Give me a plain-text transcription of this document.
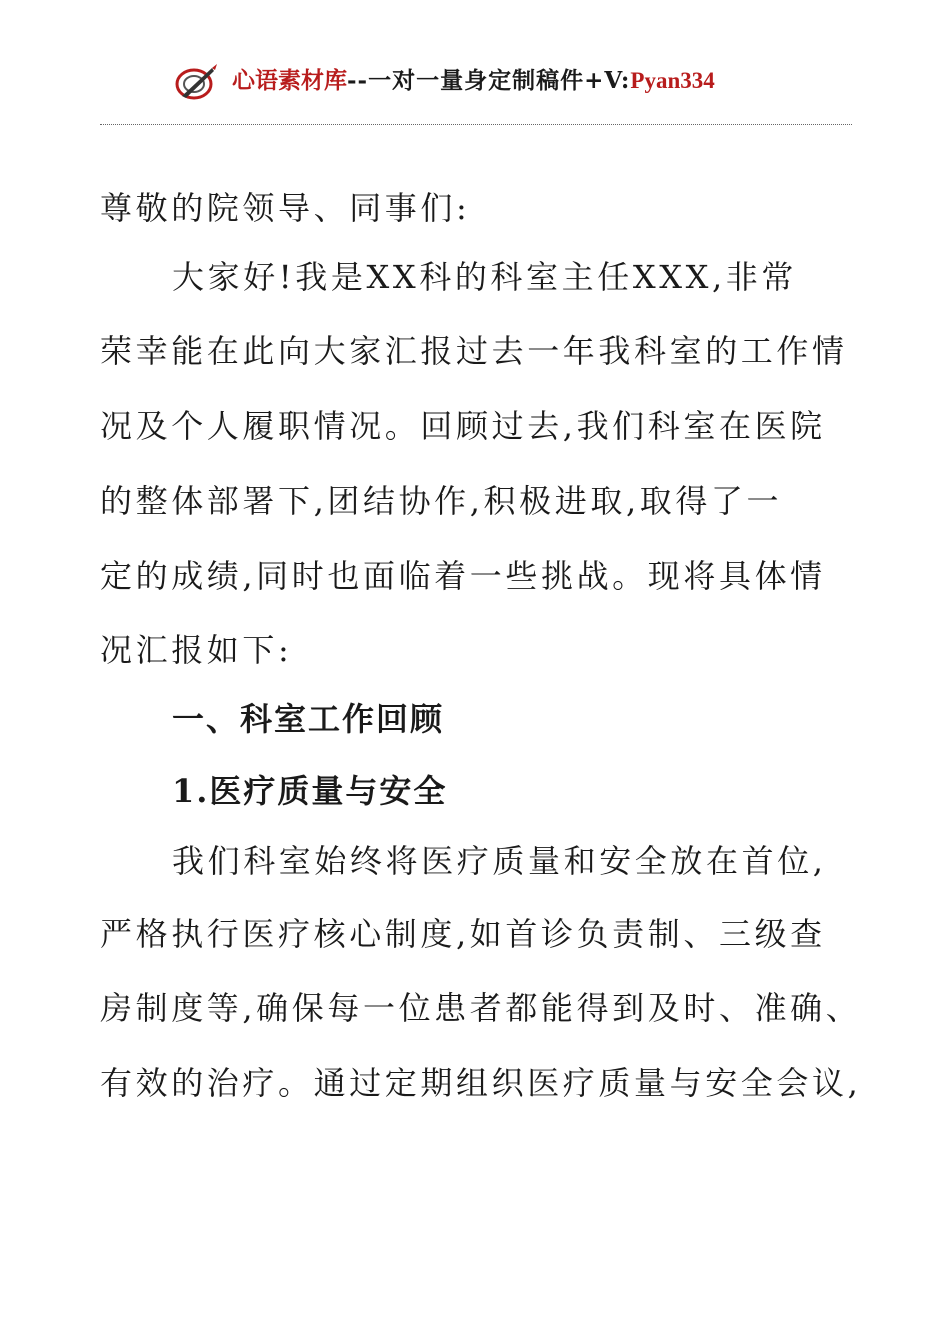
心语素材库--一对一量身定制稿件+V:Pyan334
尊敬的院领导、同事们:
大家好!我是XX科的科室主任XXX,非常
荣幸能在此向大家汇报过去一年我科室的工作情
况及个人履职情况。回顾过去,我们科室在医院
的整体部署下,团结协作,积极进取,取得了一
定的成绩,同时也面临着一些挑战。现将具体情
况汇报如下:
一、科室工作回顾
1.医疗质量与安全
我们科室始终将医疗质量和安全放在首位,
严格执行医疗核心制度,如首诊负责制、三级查
房制度等,确保每一位患者都能得到及时、准确、
有效的治疗。通过定期组织医疗质量与安全会议,
